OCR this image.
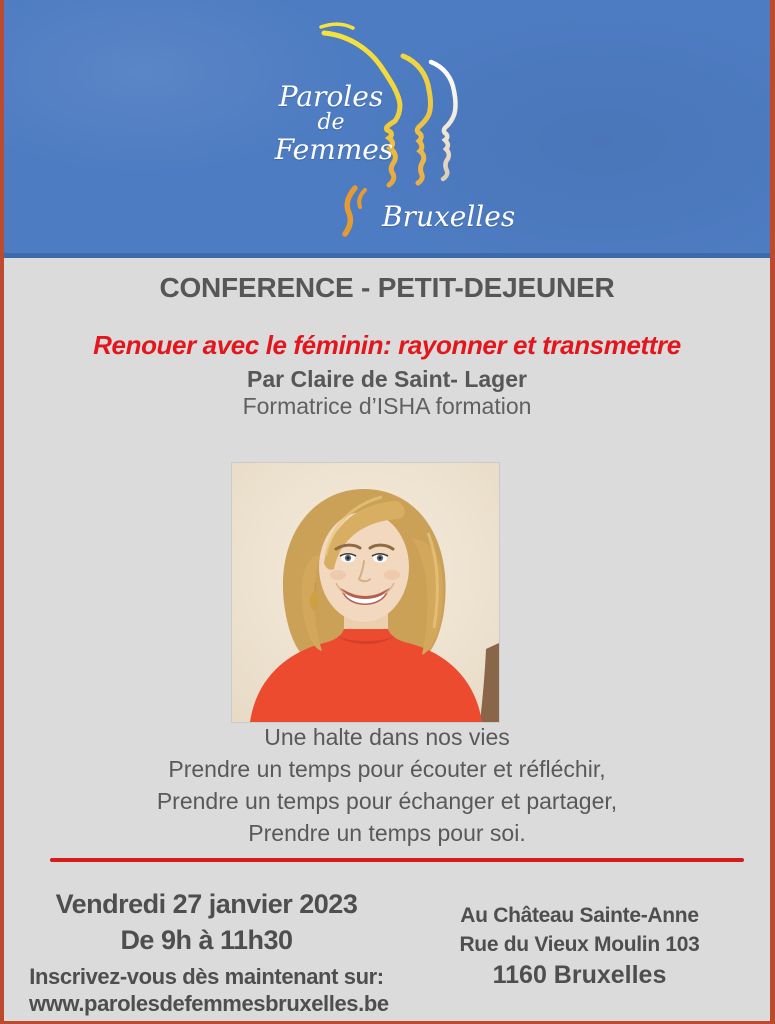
Paroles
de
Femmes
Bruxelles
CONFERENCE - PETIT-DEJEUNER
Renouer avec le féminin: rayonner et transmettre
Par Claire de Saint- Lager
Formatrice d’ISHA formation
Une halte dans nos vies
Prendre un temps pour écouter et réfléchir,
Prendre un temps pour échanger et partager,
Prendre un temps pour soi.
Vendredi 27 janvier 2023
De 9h à 11h30
Inscrivez-vous dès maintenant sur:
www.parolesdefemmesbruxelles.be
Au Château Sainte-Anne
Rue du Vieux Moulin 103
1160 Bruxelles
